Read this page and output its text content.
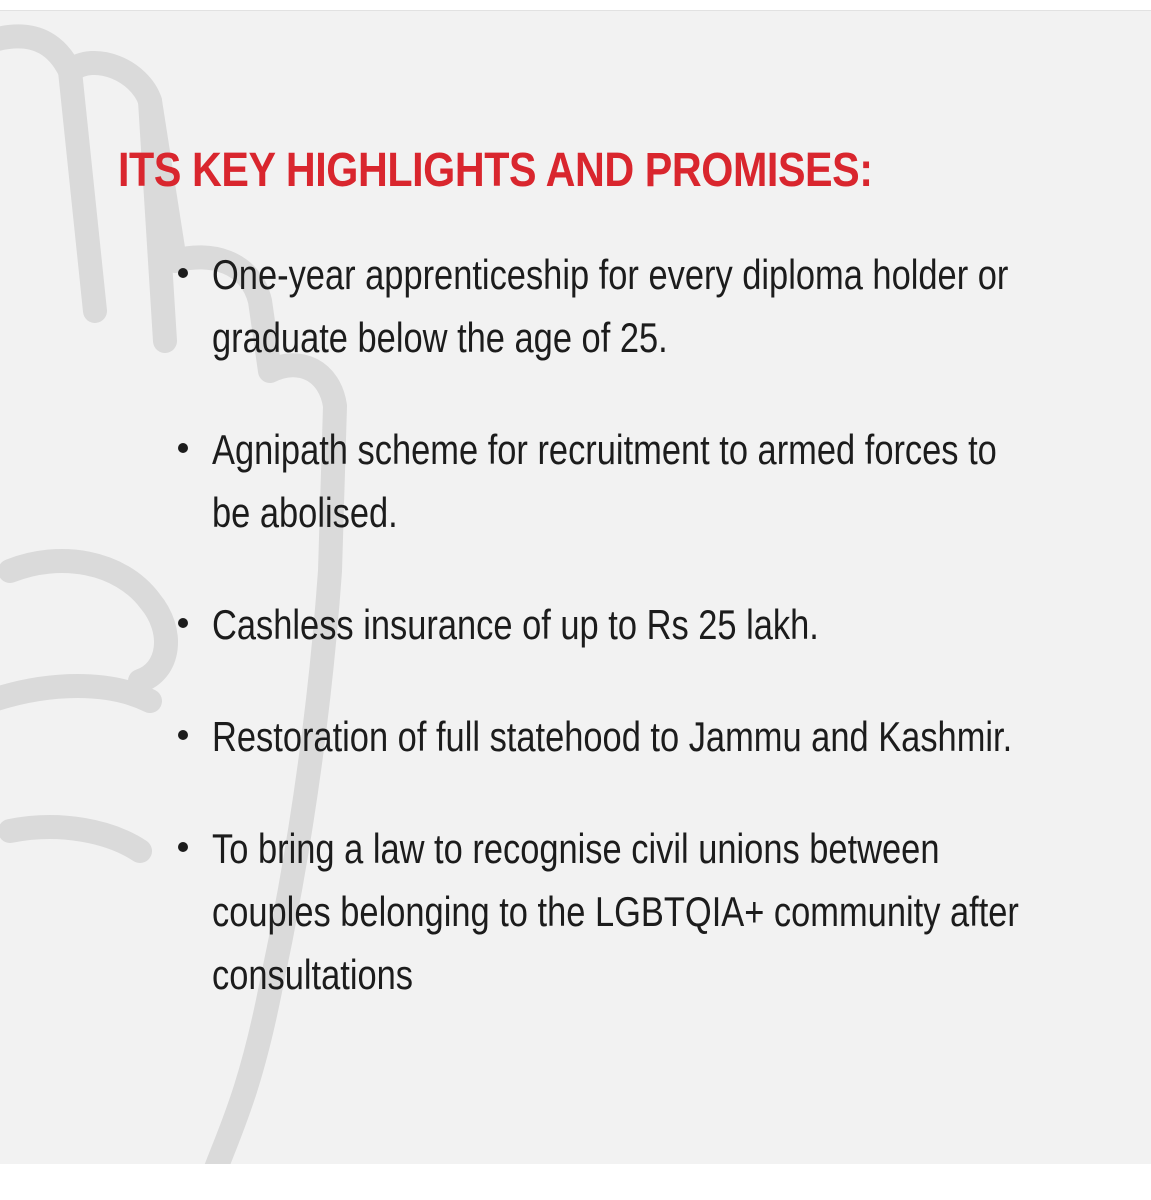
ITS KEY HIGHLIGHTS AND PROMISES:
One-year apprenticeship for every diploma holder or graduate below the age of 25.
Agnipath scheme for recruitment to armed forces to be abolised.
Cashless insurance of up to Rs 25 lakh.
Restoration of full statehood to Jammu and Kashmir.
To bring a law to recognise civil unions between couples belonging to the LGBTQIA+ community after consultations
